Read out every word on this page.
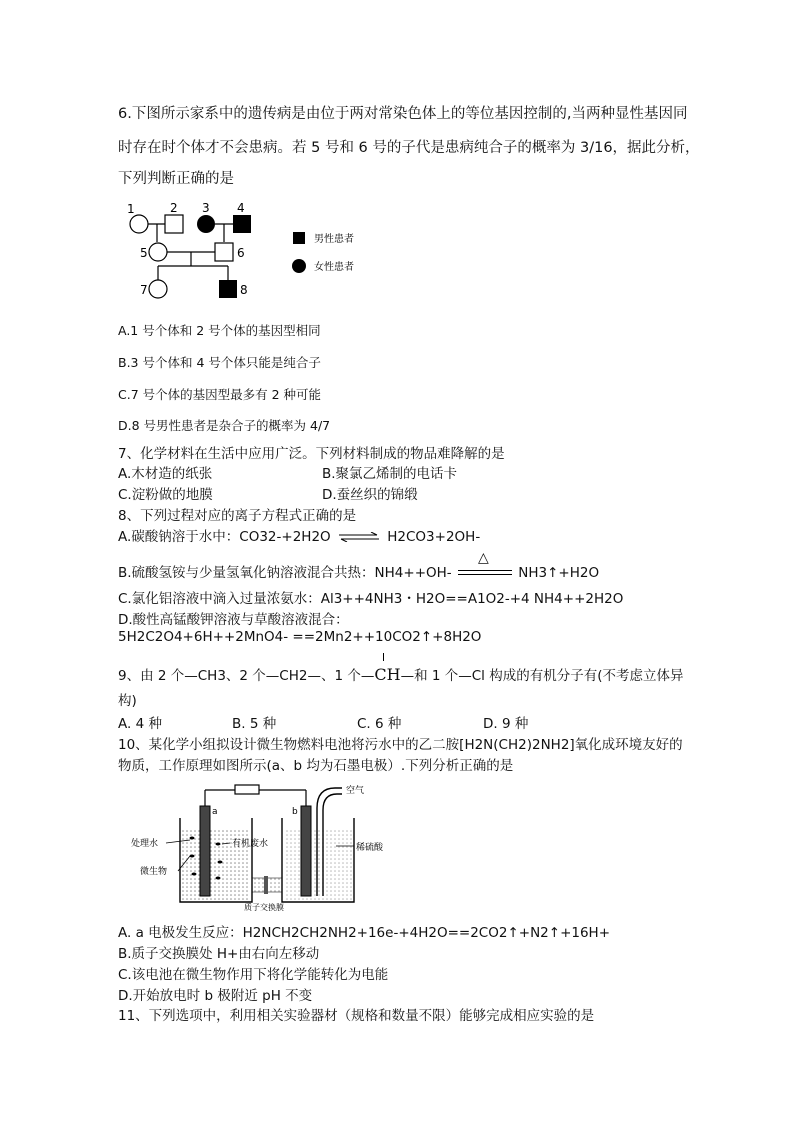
6.下图所示家系中的遗传病是由位于两对常染色体上的等位基因控制的,当两种显性基因同
时存在时个体才不会患病。若 5 号和 6 号的子代是患病纯合子的概率为 3/16，据此分析，
下列判断正确的是
1	2 3 4
5	6
7	8
男性患者
女性患者
A.1 号个体和 2 号个体的基因型相同
B.3 号个体和 4 号个体只能是纯合子
C.7 号个体的基因型最多有 2 种可能
D.8 号男性患者是杂合子的概率为 4/7
7、化学材料在生活中应用广泛。下列材料制成的物品难降解的是
A.木材造的纸张	B.聚氯乙烯制的电话卡
C.淀粉做的地膜	D.蚕丝织的锦缎
8、下列过程对应的离子方程式正确的是
A.碳酸钠溶于水中：CO32-+2H2O ⇌ H2CO3+2OH-
B.硫酸氢铵与少量氢氧化钠溶液混合共热：NH4++OH-
△
NH3↑+H2O
C.氯化铝溶液中滴入过量浓氨水：Al3++4NH3・H2O==A1O2-+4 NH4++2H2O
D.酸性高锰酸钾溶液与草酸溶液混合：
5H2C2O4+6H++2MnO4- ==2Mn2++10CO2↑+8H2O
9、由 2 个—CH3、2 个—CH2—、1 个—
CH—和 1 个—Cl 构成的有机分子有(不考虑立体异
构)
A. 4 种	B. 5 种	C. 6 种	D. 9 种
10、某化学小组拟设计微生物燃料电池将污水中的乙二胺[H2N(CH2)2NH2]氧化成环境友好的
物质，工作原理如图所示(a、b 均为石墨电极）.下列分析正确的是
a	b
空气
处理水	有机废水	稀硫酸
微生物
质子交换膜
A. a 电极发生反应：H2NCH2CH2NH2+16e-+4H2O==2CO2↑+N2↑+16H+
B.质子交换膜处 H+由右向左移动
C.该电池在微生物作用下将化学能转化为电能
D.开始放电时 b 极附近 pH 不变
11、下列选项中，利用相关实验器材（规格和数量不限）能够完成相应实验的是
